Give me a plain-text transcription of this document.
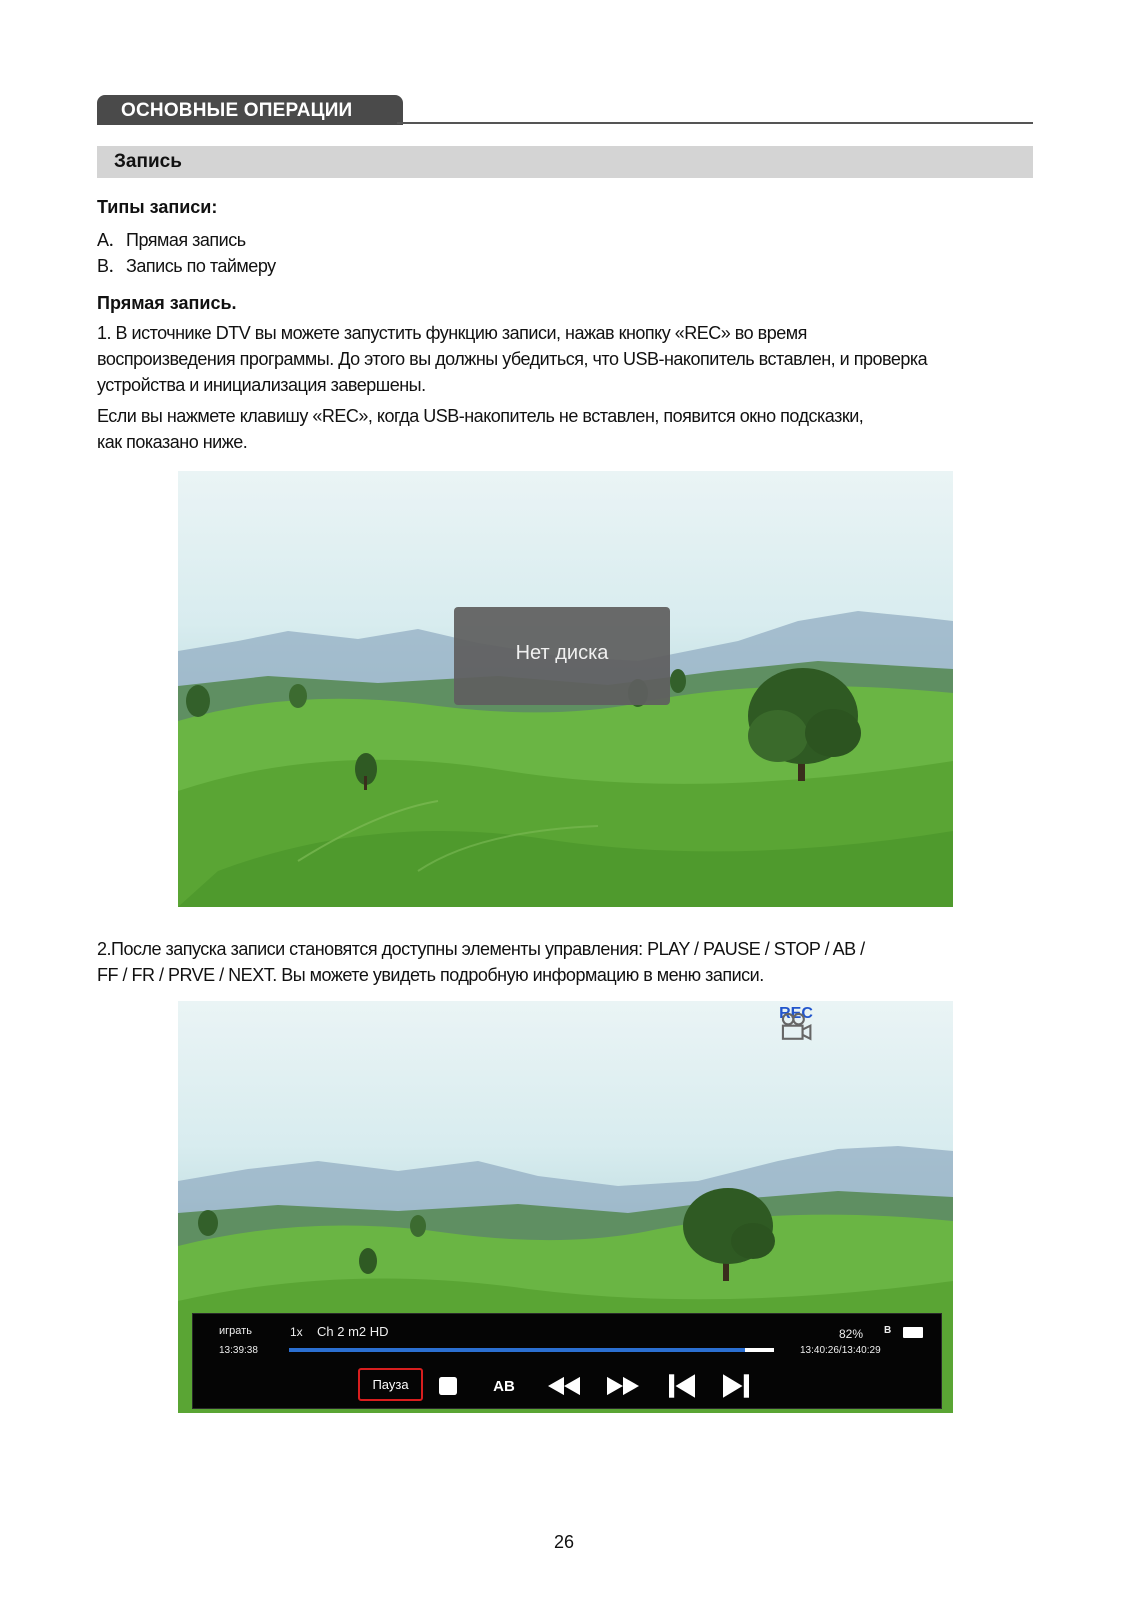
ОСНОВНЫЕ ОПЕРАЦИИ
Запись
Типы записи:
А．Прямая запись
В．Запись по таймеру
Прямая запись.
1. В источнике DTV вы можете запустить функцию записи, нажав кнопку «REC» во время
воспроизведения программы. До этого вы должны убедиться, что USB-накопитель вставлен, и проверка
устройства и инициализация завершены.
Если вы нажмете клавишу «REC», когда USB-накопитель не вставлен, появится окно подсказки,
как показано ниже.
Нет диска
2.После запуска записи становятся доступны элементы управления: PLAY / PAUSE / STOP / AB /
FF / FR / PRVE / NEXT. Вы можете увидеть подробную информацию в меню записи.
REC
играть	1x Ch 2 m2 HD
13:39:38
82% B
13:40:26/13:40:29
Пауза	AB
26
